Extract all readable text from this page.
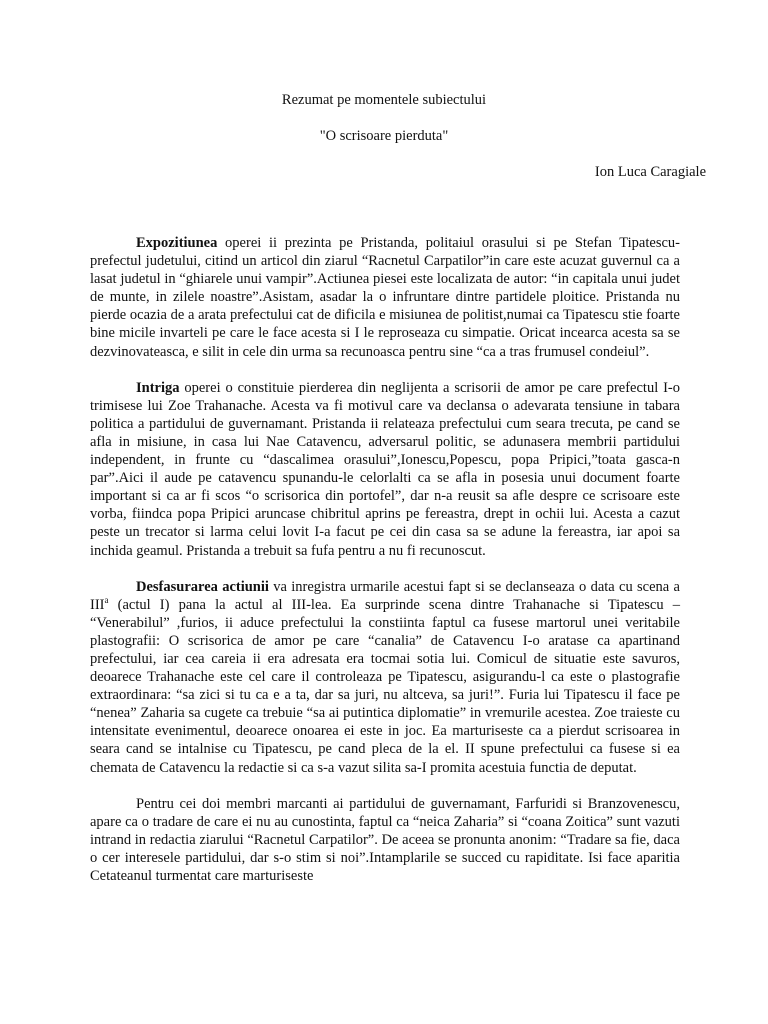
Rezumat pe momentele subiectului
"O scrisoare pierduta"
Ion Luca Caragiale

Expozitiunea operei ii prezinta pe Pristanda, politaiul orasului si pe Stefan Tipatescu-prefectul judetului, citind un articol din ziarul “Racnetul Carpatilor”in care este acuzat guvernul ca a lasat judetul in “ghiarele unui vampir”.Actiunea piesei este localizata de autor: “in capitala unui judet de munte, in zilele noastre”.Asistam, asadar la o infruntare dintre partidele ploitice. Pristanda nu pierde ocazia de a arata prefectului cat de dificila e misiunea de politist,numai ca Tipatescu stie foarte bine micile invarteli pe care le face acesta si I le reproseaza cu simpatie. Oricat incearca acesta sa se dezvinovateasca, e silit in cele din urma sa recunoasca pentru sine “ca a tras frumusel condeiul”.

Intriga operei o constituie pierderea din neglijenta a scrisorii de amor pe care prefectul I-o trimisese lui Zoe Trahanache. Acesta va fi motivul care va declansa o adevarata tensiune in tabara politica a partidului de guvernamant. Pristanda ii relateaza prefectului cum seara trecuta, pe cand se afla in misiune, in casa lui Nae Catavencu, adversarul politic, se adunasera membrii partidului independent, in frunte cu “dascalimea orasului”,Ionescu,Popescu, popa Pripici,”toata gasca-n par”.Aici il aude pe catavencu spunandu-le celorlalti ca se afla in posesia unui document foarte important si ca ar fi scos “o scrisorica din portofel”, dar n-a reusit sa afle despre ce scrisoare este vorba, fiindca popa Pripici aruncase chibritul aprins pe fereastra, drept in ochii lui. Acesta a cazut peste un trecator si larma celui lovit I-a facut pe cei din casa sa se adune la fereastra, iar apoi sa inchida geamul. Pristanda a trebuit sa fufa pentru a nu fi recunoscut.

Desfasurarea actiunii va inregistra urmarile acestui fapt si se declanseaza o data cu scena a III$^a$ (actul I) pana la actul al III-lea. Ea surprinde scena dintre Trahanache si Tipatescu – “Venerabilul” ,furios, ii aduce prefectului la constiinta faptul ca fusese martorul unei veritabile plastografii: O scrisorica de amor pe care “canalia” de Catavencu I-o aratase ca apartinand prefectului, iar cea careia ii era adresata era tocmai sotia lui. Comicul de situatie este savuros, deoarece Trahanache este cel care il controleaza pe Tipatescu, asigurandu-l ca este o plastografie extraordinara: “sa zici si tu ca e a ta, dar sa juri, nu altceva, sa juri!”. Furia lui Tipatescu il face pe “nenea” Zaharia sa cugete ca trebuie “sa ai putintica diplomatie” in vremurile acestea. Zoe traieste cu intensitate evenimentul, deoarece onoarea ei este in joc. Ea marturiseste ca a pierdut scrisoarea in seara cand se intalnise cu Tipatescu, pe cand pleca de la el. II spune prefectului ca fusese si ea chemata de Catavencu la redactie si ca s-a vazut silita sa-I promita acestuia functia de deputat.

Pentru cei doi membri marcanti ai partidului de guvernamant, Farfuridi si Branzovenescu, apare ca o tradare de care ei nu au cunostinta, faptul ca “neica Zaharia” si “coana Zoitica” sunt vazuti intrand in redactia ziarului “Racnetul Carpatilor”. De aceea se pronunta anonim: “Tradare sa fie, daca o cer interesele partidului, dar s-o stim si noi”.Intamplarile se succed cu rapiditate. Isi face aparitia Cetateanul turmentat care marturiseste
